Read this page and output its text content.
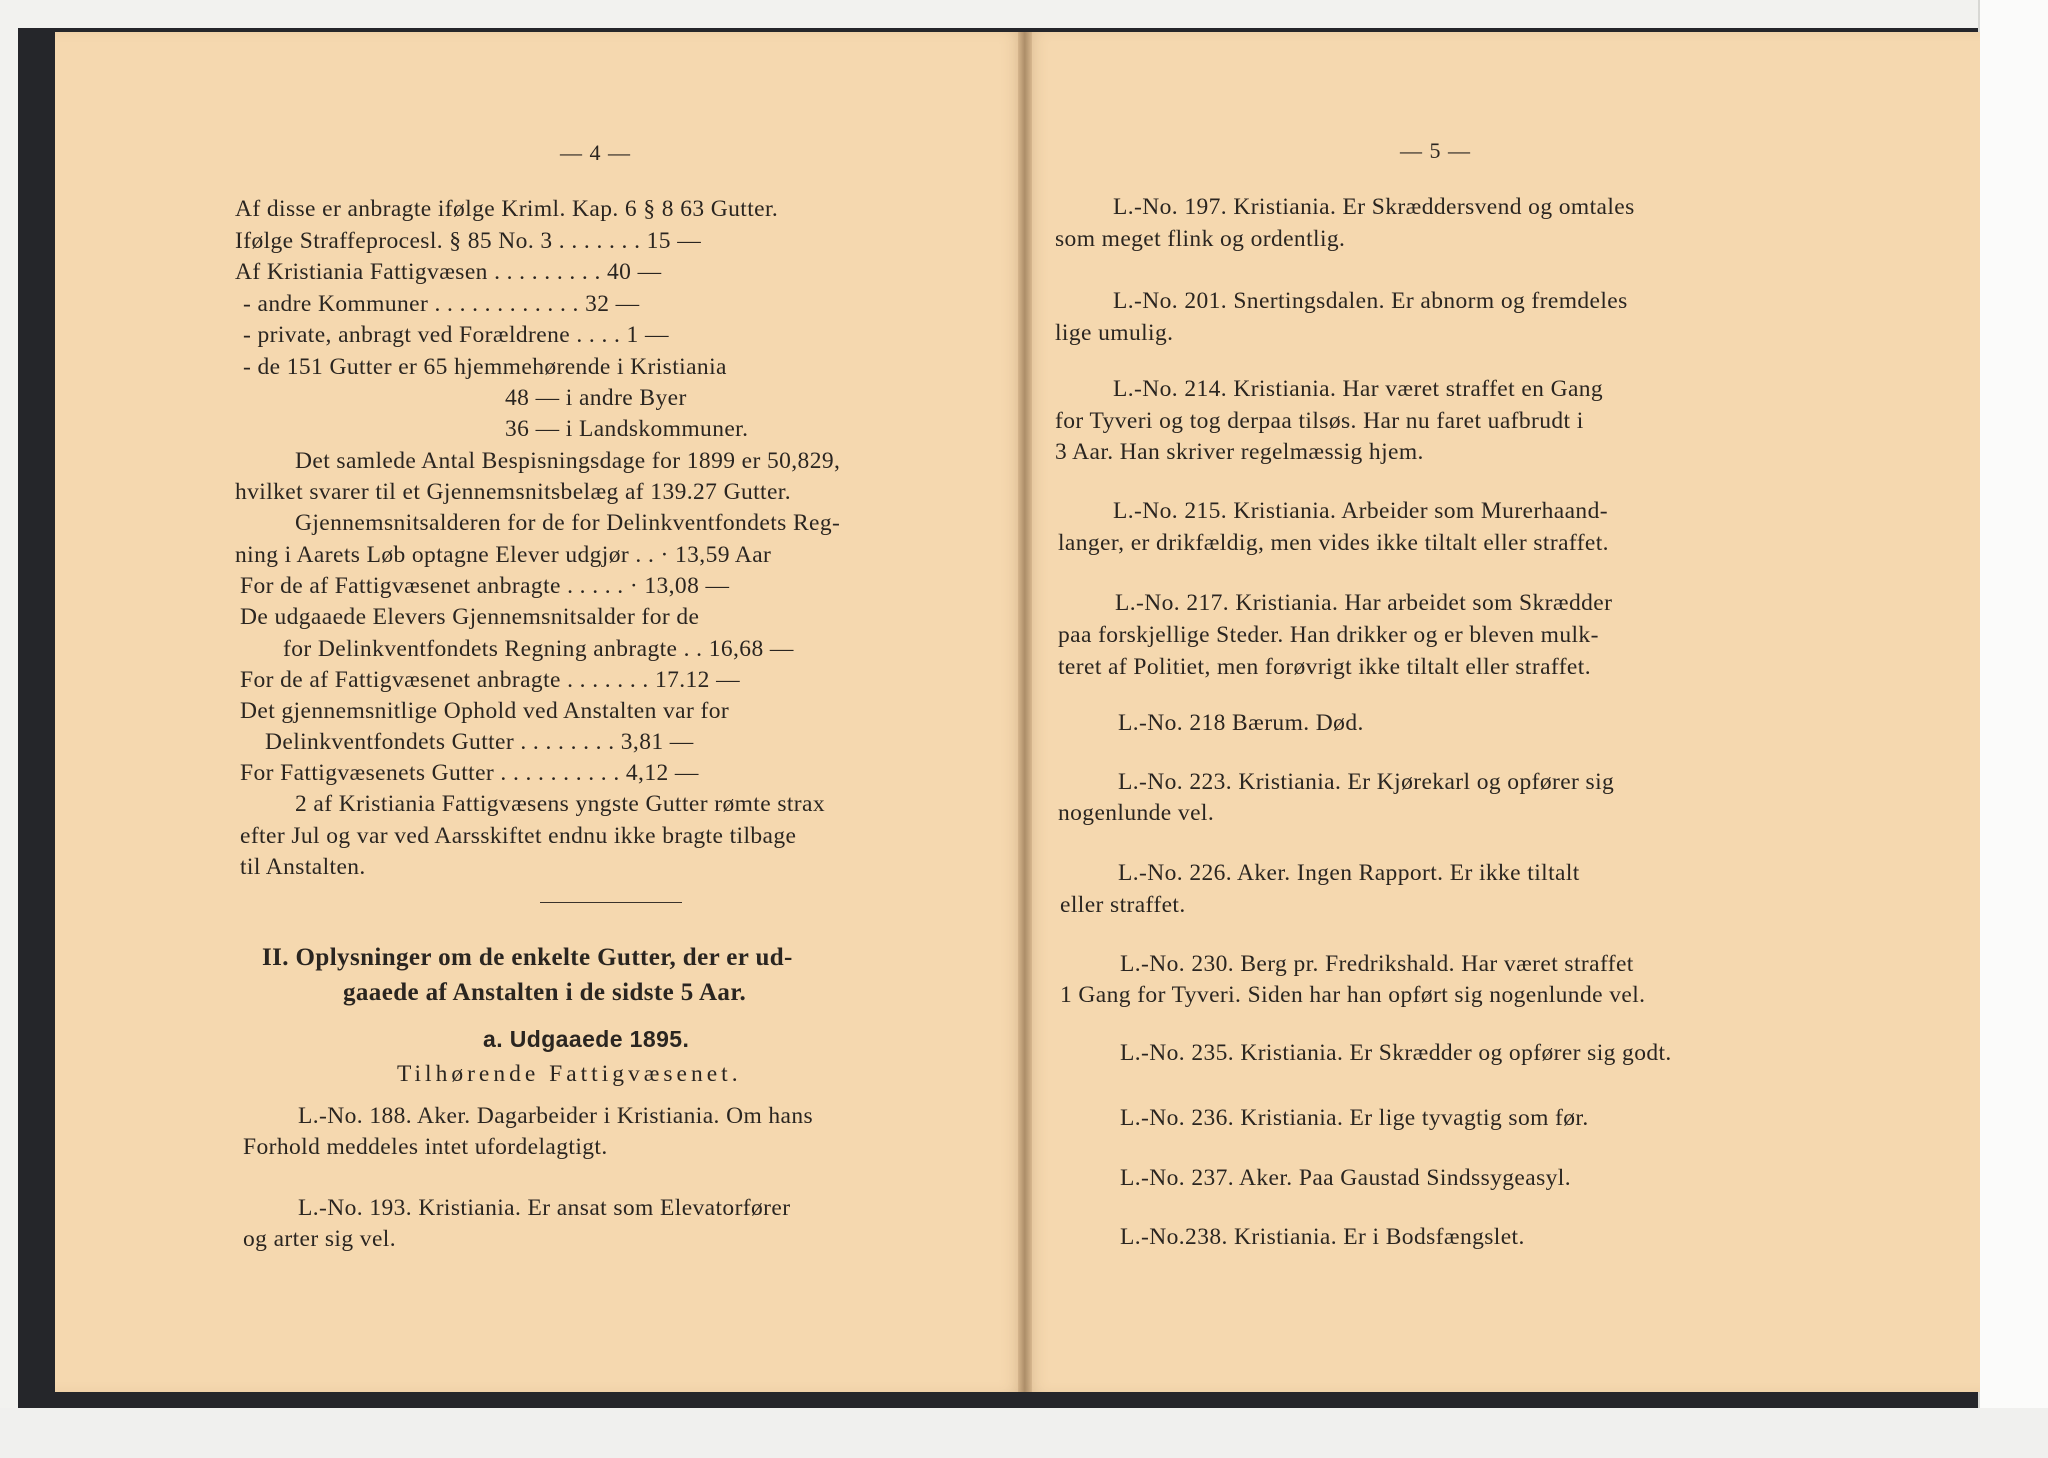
— 4 —
Af disse er anbragte ifølge Kriml. Kap. 6 § 8 63 Gutter.
Ifølge Straffeprocesl. § 85 No. 3 . . . . . . . 15 —
Af Kristiania Fattigvæsen . . . . . . . . . 40 —
- andre Kommuner . . . . . . . . . . . . 32 —
- private, anbragt ved Forældrene . . . . 1 —
- de 151 Gutter er 65 hjemmehørende i Kristiania
48 — i andre Byer
36 — i Landskommuner.
Det samlede Antal Bespisningsdage for 1899 er 50,829,
hvilket svarer til et Gjennemsnitsbelæg af 139.27 Gutter.
Gjennemsnitsalderen for de for Delinkventfondets Reg-
ning i Aarets Løb optagne Elever udgjør . . · 13,59 Aar
For de af Fattigvæsenet anbragte . . . . . · 13,08 —
De udgaaede Elevers Gjennemsnitsalder for de
for Delinkventfondets Regning anbragte . . 16,68 —
For de af Fattigvæsenet anbragte . . . . . . . 17.12 —
Det gjennemsnitlige Ophold ved Anstalten var for
Delinkventfondets Gutter . . . . . . . . 3,81 —
For Fattigvæsenets Gutter . . . . . . . . . . 4,12 —
2 af Kristiania Fattigvæsens yngste Gutter rømte strax
efter Jul og var ved Aarsskiftet endnu ikke bragte tilbage
til Anstalten.
II. Oplysninger om de enkelte Gutter, der er ud-
gaaede af Anstalten i de sidste 5 Aar.
a. Udgaaede 1895.
Tilhørende Fattigvæsenet.
L.-No. 188. Aker. Dagarbeider i Kristiania. Om hans
Forhold meddeles intet ufordelagtigt.
L.-No. 193. Kristiania. Er ansat som Elevatorfører
og arter sig vel.
— 5 —
L.-No. 197. Kristiania. Er Skræddersvend og omtales
som meget flink og ordentlig.
L.-No. 201. Snertingsdalen. Er abnorm og fremdeles
lige umulig.
L.-No. 214. Kristiania. Har været straffet en Gang
for Tyveri og tog derpaa tilsøs. Har nu faret uafbrudt i
3 Aar. Han skriver regelmæssig hjem.
L.-No. 215. Kristiania. Arbeider som Murerhaand-
langer, er drikfældig, men vides ikke tiltalt eller straffet.
L.-No. 217. Kristiania. Har arbeidet som Skrædder
paa forskjellige Steder. Han drikker og er bleven mulk-
teret af Politiet, men forøvrigt ikke tiltalt eller straffet.
L.-No. 218 Bærum. Død.
L.-No. 223. Kristiania. Er Kjørekarl og opfører sig
nogenlunde vel.
L.-No. 226. Aker. Ingen Rapport. Er ikke tiltalt
eller straffet.
L.-No. 230. Berg pr. Fredrikshald. Har været straffet
1 Gang for Tyveri. Siden har han opført sig nogenlunde vel.
L.-No. 235. Kristiania. Er Skrædder og opfører sig godt.
L.-No. 236. Kristiania. Er lige tyvagtig som før.
L.-No. 237. Aker. Paa Gaustad Sindssygeasyl.
L.-No.238. Kristiania. Er i Bodsfængslet.
